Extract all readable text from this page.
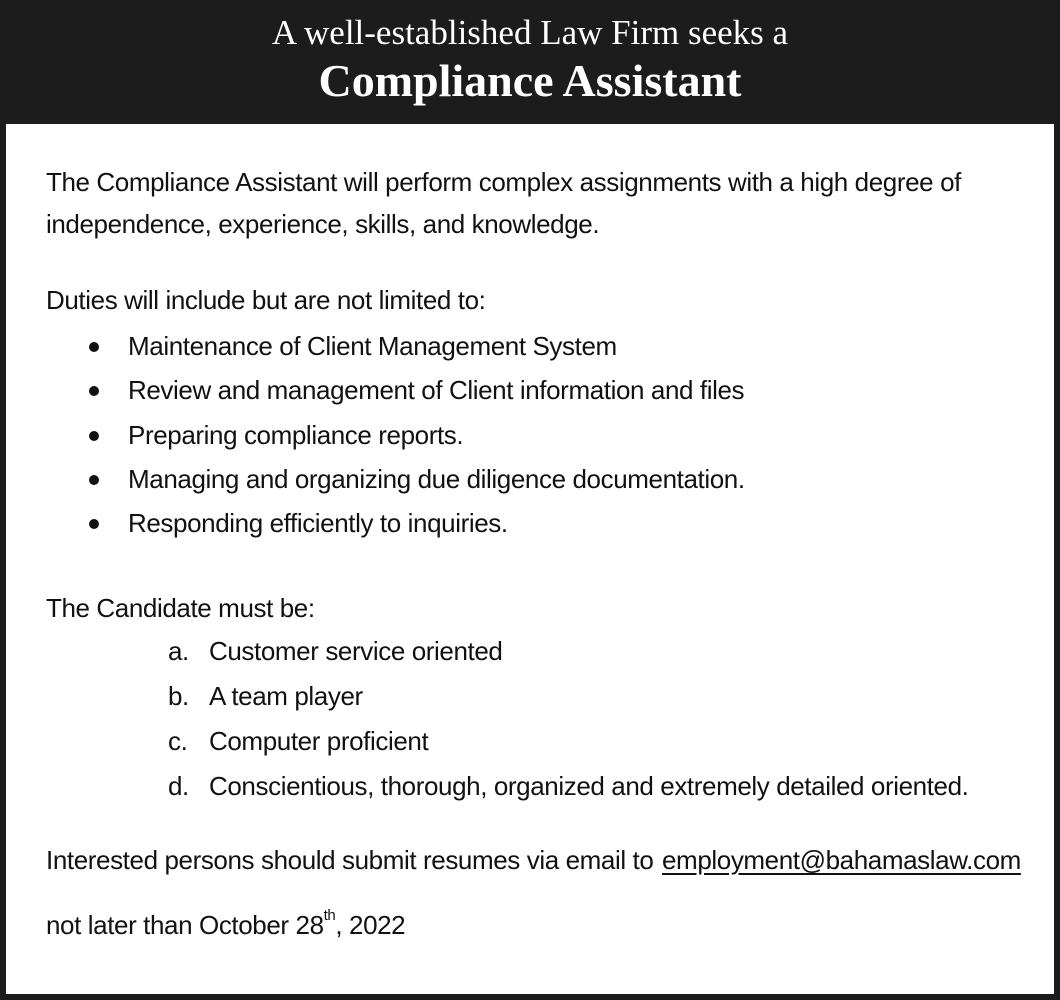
A well-established Law Firm seeks a
Compliance Assistant
The Compliance Assistant will perform complex assignments with a high degree of
independence, experience, skills, and knowledge.
Duties will include but are not limited to:
Maintenance of Client Management System
Review and management of Client information and files
Preparing compliance reports.
Managing and organizing due diligence documentation.
Responding efficiently to inquiries.
The Candidate must be:
a. Customer service oriented
b. A team player
c. Computer proficient
d. Conscientious, thorough, organized and extremely detailed oriented.
Interested persons should submit resumes via email to employment@bahamaslaw.com
not later than October 28th, 2022
